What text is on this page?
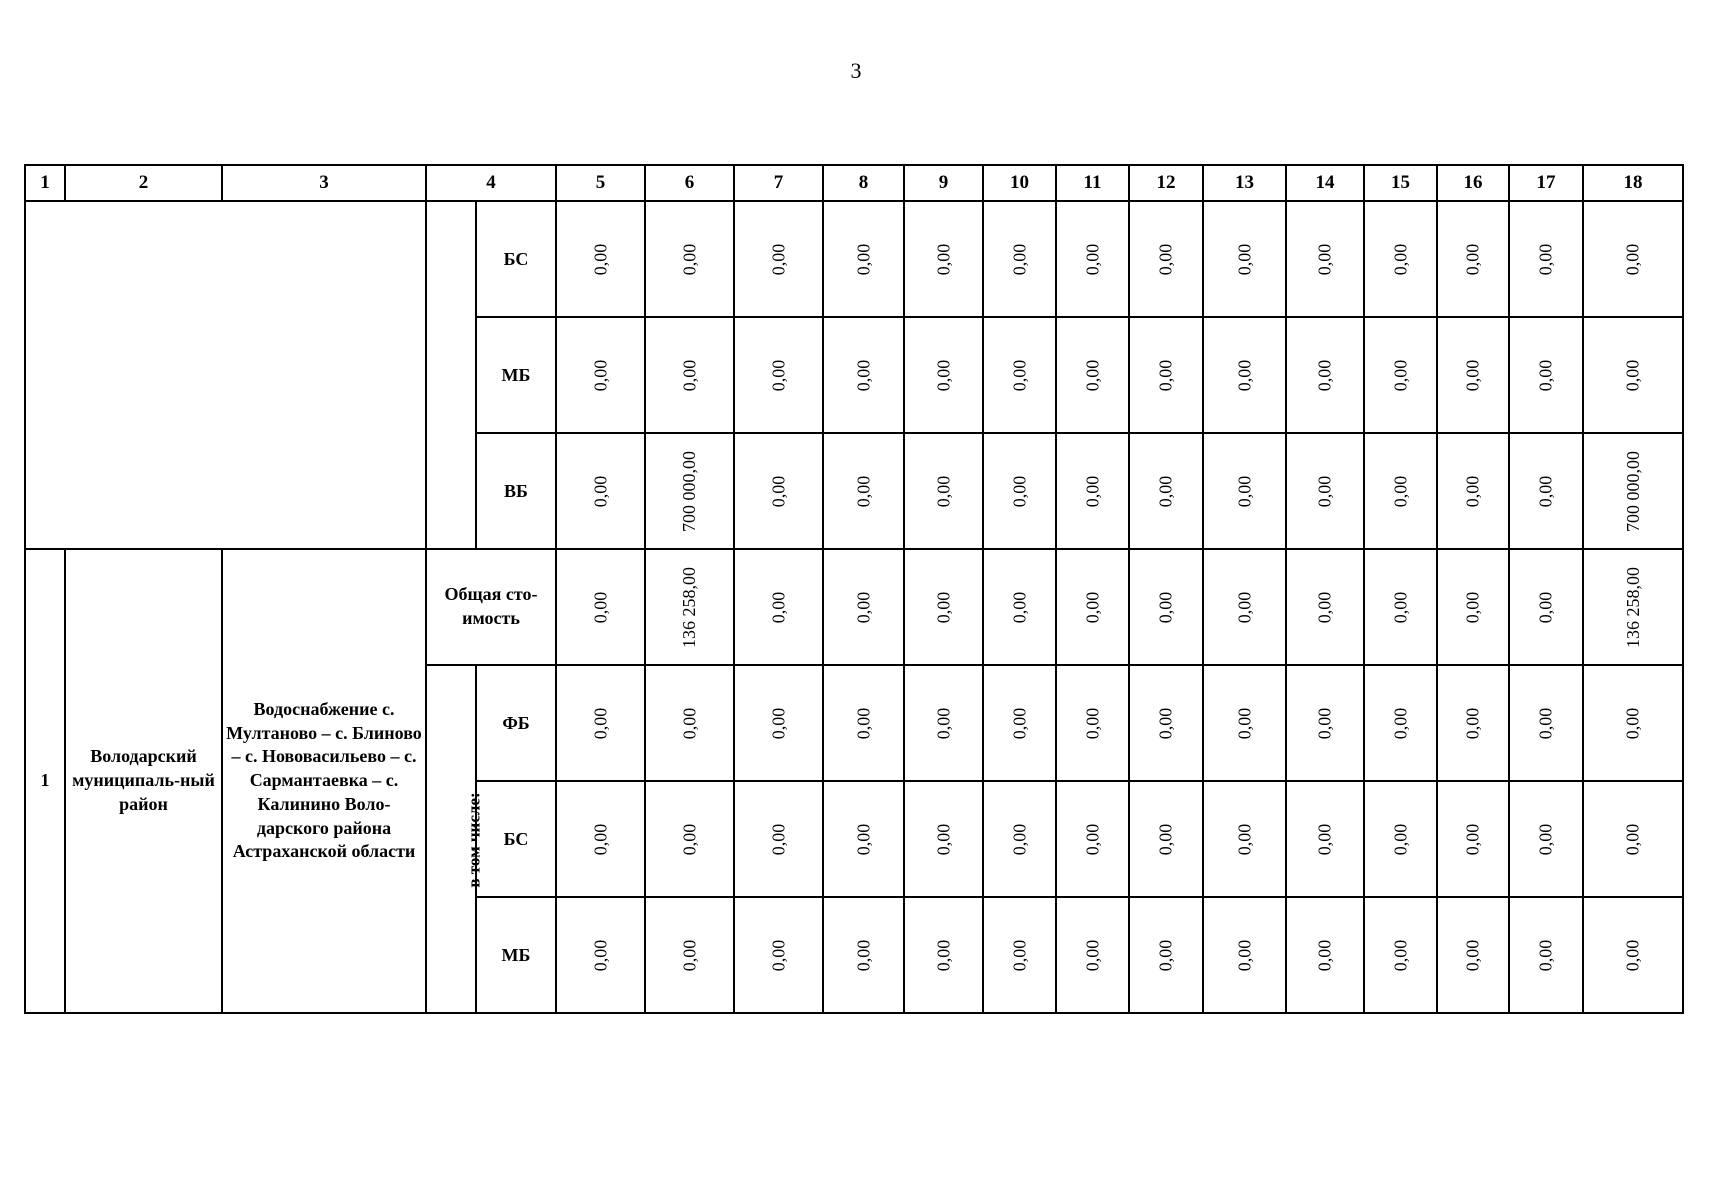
3
1	2	3	4		5	6	7	8	9	10	11	12	13	14	15	16	17	18
				БС	0,00	0,00	0,00	0,00	0,00	0,00	0,00	0,00	0,00	0,00	0,00	0,00	0,00	0,00
				МБ	0,00	0,00	0,00	0,00	0,00	0,00	0,00	0,00	0,00	0,00	0,00	0,00	0,00	0,00
				ВБ	0,00	700 000,00	0,00	0,00	0,00	0,00	0,00	0,00	0,00	0,00	0,00	0,00	0,00	700 000,00
1	Володарский муниципаль-ный район	Водоснабжение с. Мултаново – с. Блиново – с. Нововасильево – с. Сармантаевка – с. Калинино Воло-дарского района Астраханской области	Общая сто-имость		0,00	136 258,00	0,00	0,00	0,00	0,00	0,00	0,00	0,00	0,00	0,00	0,00	0,00	136 258,00
			в том числе:	ФБ	0,00	0,00	0,00	0,00	0,00	0,00	0,00	0,00	0,00	0,00	0,00	0,00	0,00	0,00
				БС	0,00	0,00	0,00	0,00	0,00	0,00	0,00	0,00	0,00	0,00	0,00	0,00	0,00	0,00
				МБ	0,00	0,00	0,00	0,00	0,00	0,00	0,00	0,00	0,00	0,00	0,00	0,00	0,00	0,00
